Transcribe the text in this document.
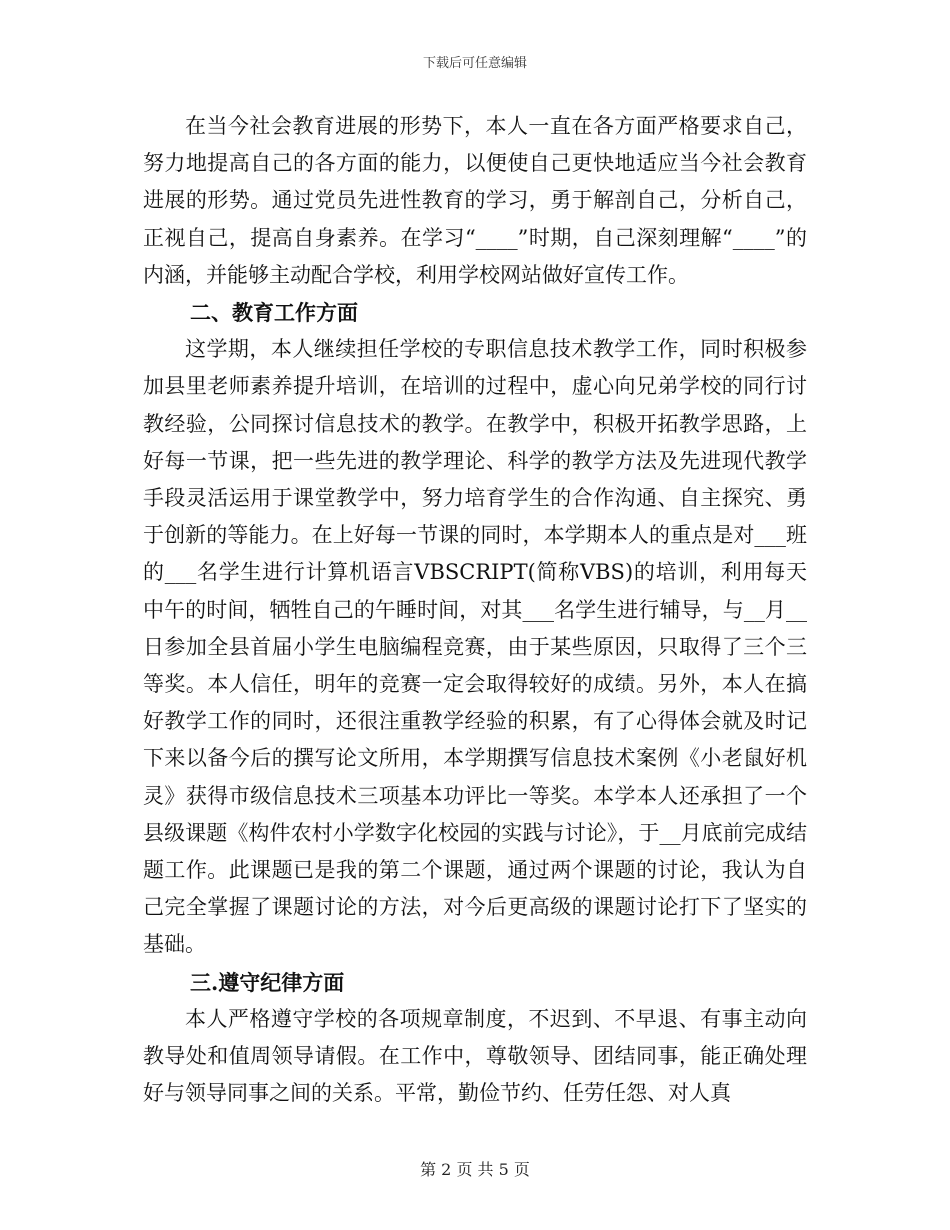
下载后可任意编辑

在当今社会教育进展的形势下，本人一直在各方面严格要求自己，努力地提高自己的各方面的能力，以便使自己更快地适应当今社会教育进展的形势。通过党员先进性教育的学习，勇于解剖自己，分析自己，正视自己，提高自身素养。在学习“____”时期，自己深刻理解“____”的内涵，并能够主动配合学校，利用学校网站做好宣传工作。

二、教育工作方面

这学期，本人继续担任学校的专职信息技术教学工作，同时积极参加县里老师素养提升培训，在培训的过程中，虚心向兄弟学校的同行讨教经验，公同探讨信息技术的教学。在教学中，积极开拓教学思路，上好每一节课，把一些先进的教学理论、科学的教学方法及先进现代教学手段灵活运用于课堂教学中，努力培育学生的合作沟通、自主探究、勇于创新的等能力。在上好每一节课的同时，本学期本人的重点是对___班的___名学生进行计算机语言VBSCRIPT(简称VBS)的培训，利用每天中午的时间，牺牲自己的午睡时间，对其___名学生进行辅导，与__月__日参加全县首届小学生电脑编程竞赛，由于某些原因，只取得了三个三等奖。本人信任，明年的竞赛一定会取得较好的成绩。另外，本人在搞好教学工作的同时，还很注重教学经验的积累，有了心得体会就及时记下来以备今后的撰写论文所用，本学期撰写信息技术案例《小老鼠好机灵》获得市级信息技术三项基本功评比一等奖。本学本人还承担了一个县级课题《构件农村小学数字化校园的实践与讨论》，于__月底前完成结题工作。此课题已是我的第二个课题，通过两个课题的讨论，我认为自己完全掌握了课题讨论的方法，对今后更高级的课题讨论打下了坚实的基础。

三.遵守纪律方面

本人严格遵守学校的各项规章制度，不迟到、不早退、有事主动向教导处和值周领导请假。在工作中，尊敬领导、团结同事，能正确处理好与领导同事之间的关系。平常，勤俭节约、任劳任怨、对人真

第 2 页 共 5 页
